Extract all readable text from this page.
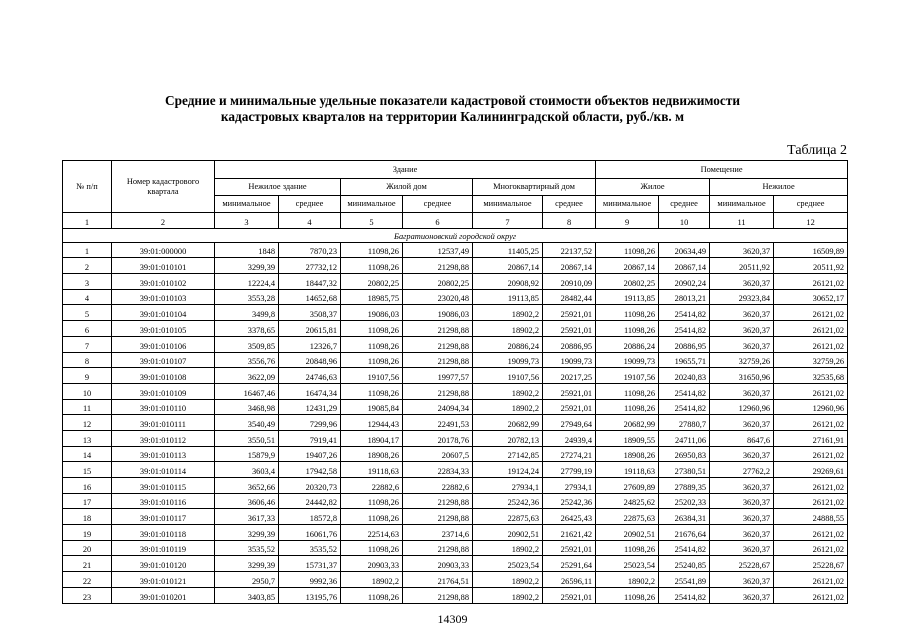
Средние и минимальные удельные показатели кадастровой стоимости объектов недвижимости
кадастровых кварталов на территории Калининградской области, руб./кв. м
Таблица 2
№ п/п	Номер кадастрового квартала	Здание						Помещение			
		Нежилое здание		Жилой дом		Многоквартирный дом		Жилое		Нежилое	
		минимальное	среднее	минимальное	среднее	минимальное	среднее	минимальное	среднее	минимальное	среднее
1	2	3	4	5	6	7	8	9	10	11	12
Багратионовский городской округ											
1	39:01:000000	1848	7870,23	11098,26	12537,49	11405,25	22137,52	11098,26	20634,49	3620,37	16509,89
2	39:01:010101	3299,39	27732,12	11098,26	21298,88	20867,14	20867,14	20867,14	20867,14	20511,92	20511,92
3	39:01:010102	12224,4	18447,32	20802,25	20802,25	20908,92	20910,09	20802,25	20902,24	3620,37	26121,02
4	39:01:010103	3553,28	14652,68	18985,75	23020,48	19113,85	28482,44	19113,85	28013,21	29323,84	30652,17
5	39:01:010104	3499,8	3508,37	19086,03	19086,03	18902,2	25921,01	11098,26	25414,82	3620,37	26121,02
6	39:01:010105	3378,65	20615,81	11098,26	21298,88	18902,2	25921,01	11098,26	25414,82	3620,37	26121,02
7	39:01:010106	3509,85	12326,7	11098,26	21298,88	20886,24	20886,95	20886,24	20886,95	3620,37	26121,02
8	39:01:010107	3556,76	20848,96	11098,26	21298,88	19099,73	19099,73	19099,73	19655,71	32759,26	32759,26
9	39:01:010108	3622,09	24746,63	19107,56	19977,57	19107,56	20217,25	19107,56	20240,83	31650,96	32535,68
10	39:01:010109	16467,46	16474,34	11098,26	21298,88	18902,2	25921,01	11098,26	25414,82	3620,37	26121,02
11	39:01:010110	3468,98	12431,29	19085,84	24094,34	18902,2	25921,01	11098,26	25414,82	12960,96	12960,96
12	39:01:010111	3540,49	7299,96	12944,43	22491,53	20682,99	27949,64	20682,99	27880,7	3620,37	26121,02
13	39:01:010112	3550,51	7919,41	18904,17	20178,76	20782,13	24939,4	18909,55	24711,06	8647,6	27161,91
14	39:01:010113	15879,9	19407,26	18908,26	20607,5	27142,85	27274,21	18908,26	26950,83	3620,37	26121,02
15	39:01:010114	3603,4	17942,58	19118,63	22834,33	19124,24	27799,19	19118,63	27380,51	27762,2	29269,61
16	39:01:010115	3652,66	20320,73	22882,6	22882,6	27934,1	27934,1	27609,89	27889,35	3620,37	26121,02
17	39:01:010116	3606,46	24442,82	11098,26	21298,88	25242,36	25242,36	24825,62	25202,33	3620,37	26121,02
18	39:01:010117	3617,33	18572,8	11098,26	21298,88	22875,63	26425,43	22875,63	26384,31	3620,37	24888,55
19	39:01:010118	3299,39	16061,76	22514,63	23714,6	20902,51	21621,42	20902,51	21676,64	3620,37	26121,02
20	39:01:010119	3535,52	3535,52	11098,26	21298,88	18902,2	25921,01	11098,26	25414,82	3620,37	26121,02
21	39:01:010120	3299,39	15731,37	20903,33	20903,33	25023,54	25291,64	25023,54	25240,85	25228,67	25228,67
22	39:01:010121	2950,7	9992,36	18902,2	21764,51	18902,2	26596,11	18902,2	25541,89	3620,37	26121,02
23	39:01:010201	3403,85	13195,76	11098,26	21298,88	18902,2	25921,01	11098,26	25414,82	3620,37	26121,02
14309
